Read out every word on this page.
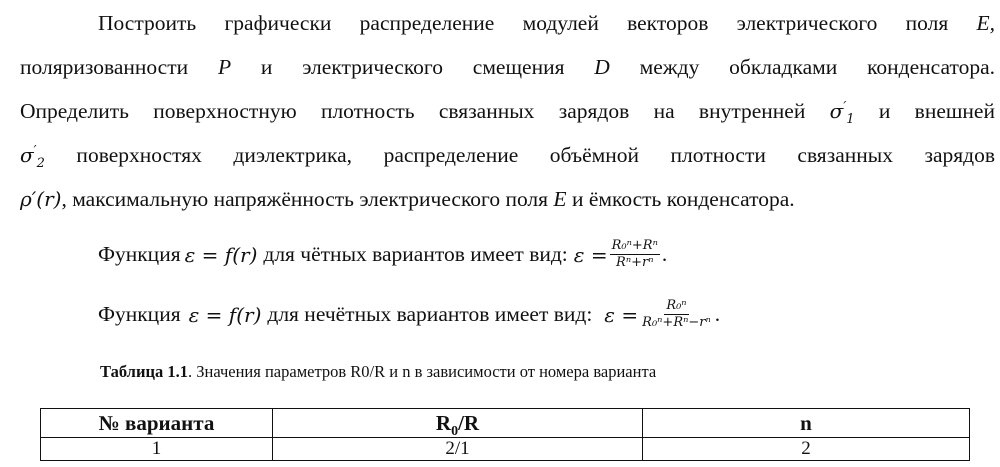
Построить графически распределение модулей векторов электрического поля E,
поляризованности P и электрического смещения D между обкладками конденсатора.
Определить поверхностную плотность связанных зарядов на внутренней $\sigma'_1$ и внешней
$\sigma'_2$ поверхностях диэлектрика, распределение объёмной плотности связанных зарядов
ρ′(r), максимальную напряжённость электрического поля E и ёмкость конденсатора.
Функция ε = f(r) для чётных вариантов имеет вид: $\varepsilon = \frac{\text{R₀ⁿ+Rⁿ}}{\text{Rⁿ+rⁿ}}$ .
Функция ε = f(r) для нечётных вариантов имеет вид: $\varepsilon = \frac{\text{R₀ⁿ}}{\text{R₀ⁿ+Rⁿ−rⁿ}}$ .
Таблица 1.1. Значения параметров R0/R и n в зависимости от номера варианта
№ варианта	$R_0/R$	n
1	2/1	2
